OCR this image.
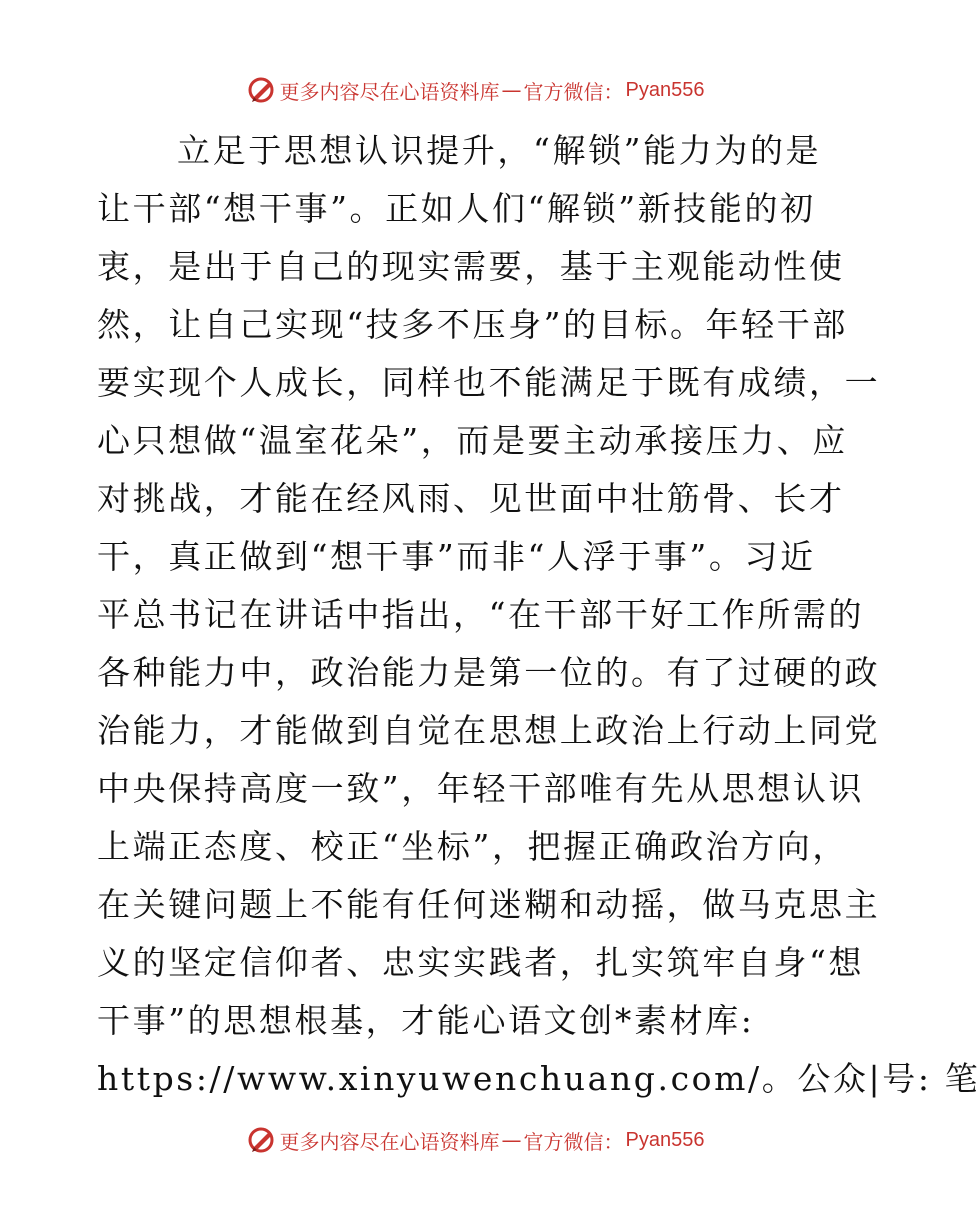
更多内容尽在心语资料库 — 官方微信： Pyan556
立足于思想认识提升，“解锁”能力为的是
让干部“想干事”。正如人们“解锁”新技能的初
衷，是出于自己的现实需要，基于主观能动性使
然，让自己实现“技多不压身”的目标。年轻干部
要实现个人成长，同样也不能满足于既有成绩，一
心只想做“温室花朵”，而是要主动承接压力、应
对挑战，才能在经风雨、见世面中壮筋骨、长才
干，真正做到“想干事”而非“人浮于事”。习近
平总书记在讲话中指出，“在干部干好工作所需的
各种能力中，政治能力是第一位的。有了过硬的政
治能力，才能做到自觉在思想上政治上行动上同党
中央保持高度一致”，年轻干部唯有先从思想认识
上端正态度、校正“坐标”，把握正确政治方向，
在关键问题上不能有任何迷糊和动摇，做马克思主
义的坚定信仰者、忠实实践者，扎实筑牢自身“想
干事”的思想根基，才能心语文创*素材库:
https://www.xinyuwenchuang.com/。公众|号: 笔
更多内容尽在心语资料库 — 官方微信： Pyan556
